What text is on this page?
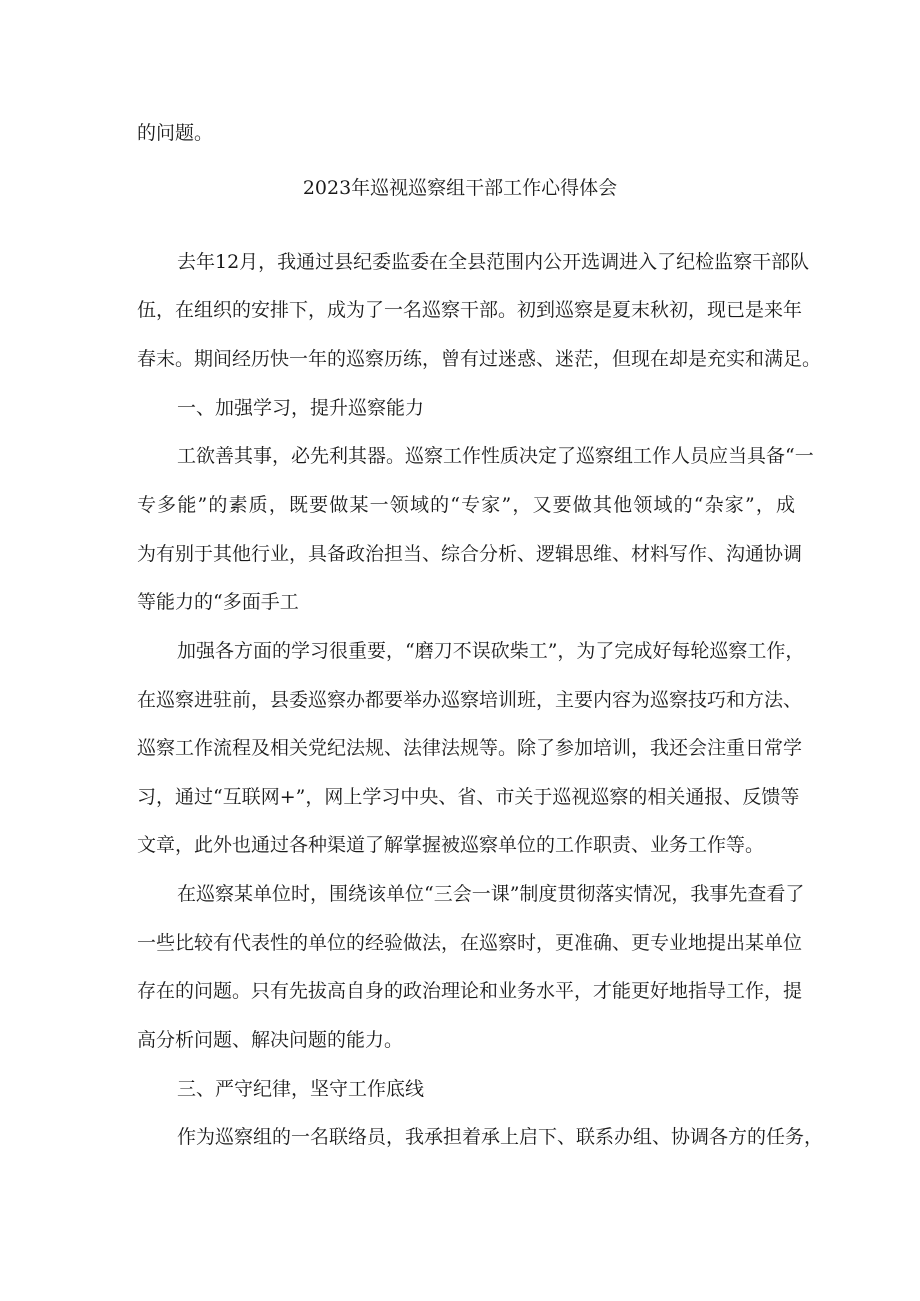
的问题。

2023年巡视巡察组干部工作心得体会

去年12月，我通过县纪委监委在全县范围内公开选调进入了纪检监察干部队

伍，在组织的安排下，成为了一名巡察干部。初到巡察是夏末秋初，现已是来年

春末。期间经历快一年的巡察历练，曾有过迷惑、迷茫，但现在却是充实和满足。

一、加强学习，提升巡察能力

工欲善其事，必先利其器。巡察工作性质决定了巡察组工作人员应当具备“一

专多能”的素质，既要做某一领域的“专家”，又要做其他领域的“杂家”，成

为有别于其他行业，具备政治担当、综合分析、逻辑思维、材料写作、沟通协调

等能力的“多面手工

加强各方面的学习很重要，“磨刀不误砍柴工”，为了完成好每轮巡察工作，

在巡察进驻前，县委巡察办都要举办巡察培训班，主要内容为巡察技巧和方法、

巡察工作流程及相关党纪法规、法律法规等。除了参加培训，我还会注重日常学

习，通过“互联网+”，网上学习中央、省、市关于巡视巡察的相关通报、反馈等

文章，此外也通过各种渠道了解掌握被巡察单位的工作职责、业务工作等。

在巡察某单位时，围绕该单位“三会一课”制度贯彻落实情况，我事先查看了

一些比较有代表性的单位的经验做法，在巡察时，更准确、更专业地提出某单位

存在的问题。只有先拔高自身的政治理论和业务水平，才能更好地指导工作，提

高分析问题、解决问题的能力。

三、严守纪律，坚守工作底线

作为巡察组的一名联络员，我承担着承上启下、联系办组、协调各方的任务，
